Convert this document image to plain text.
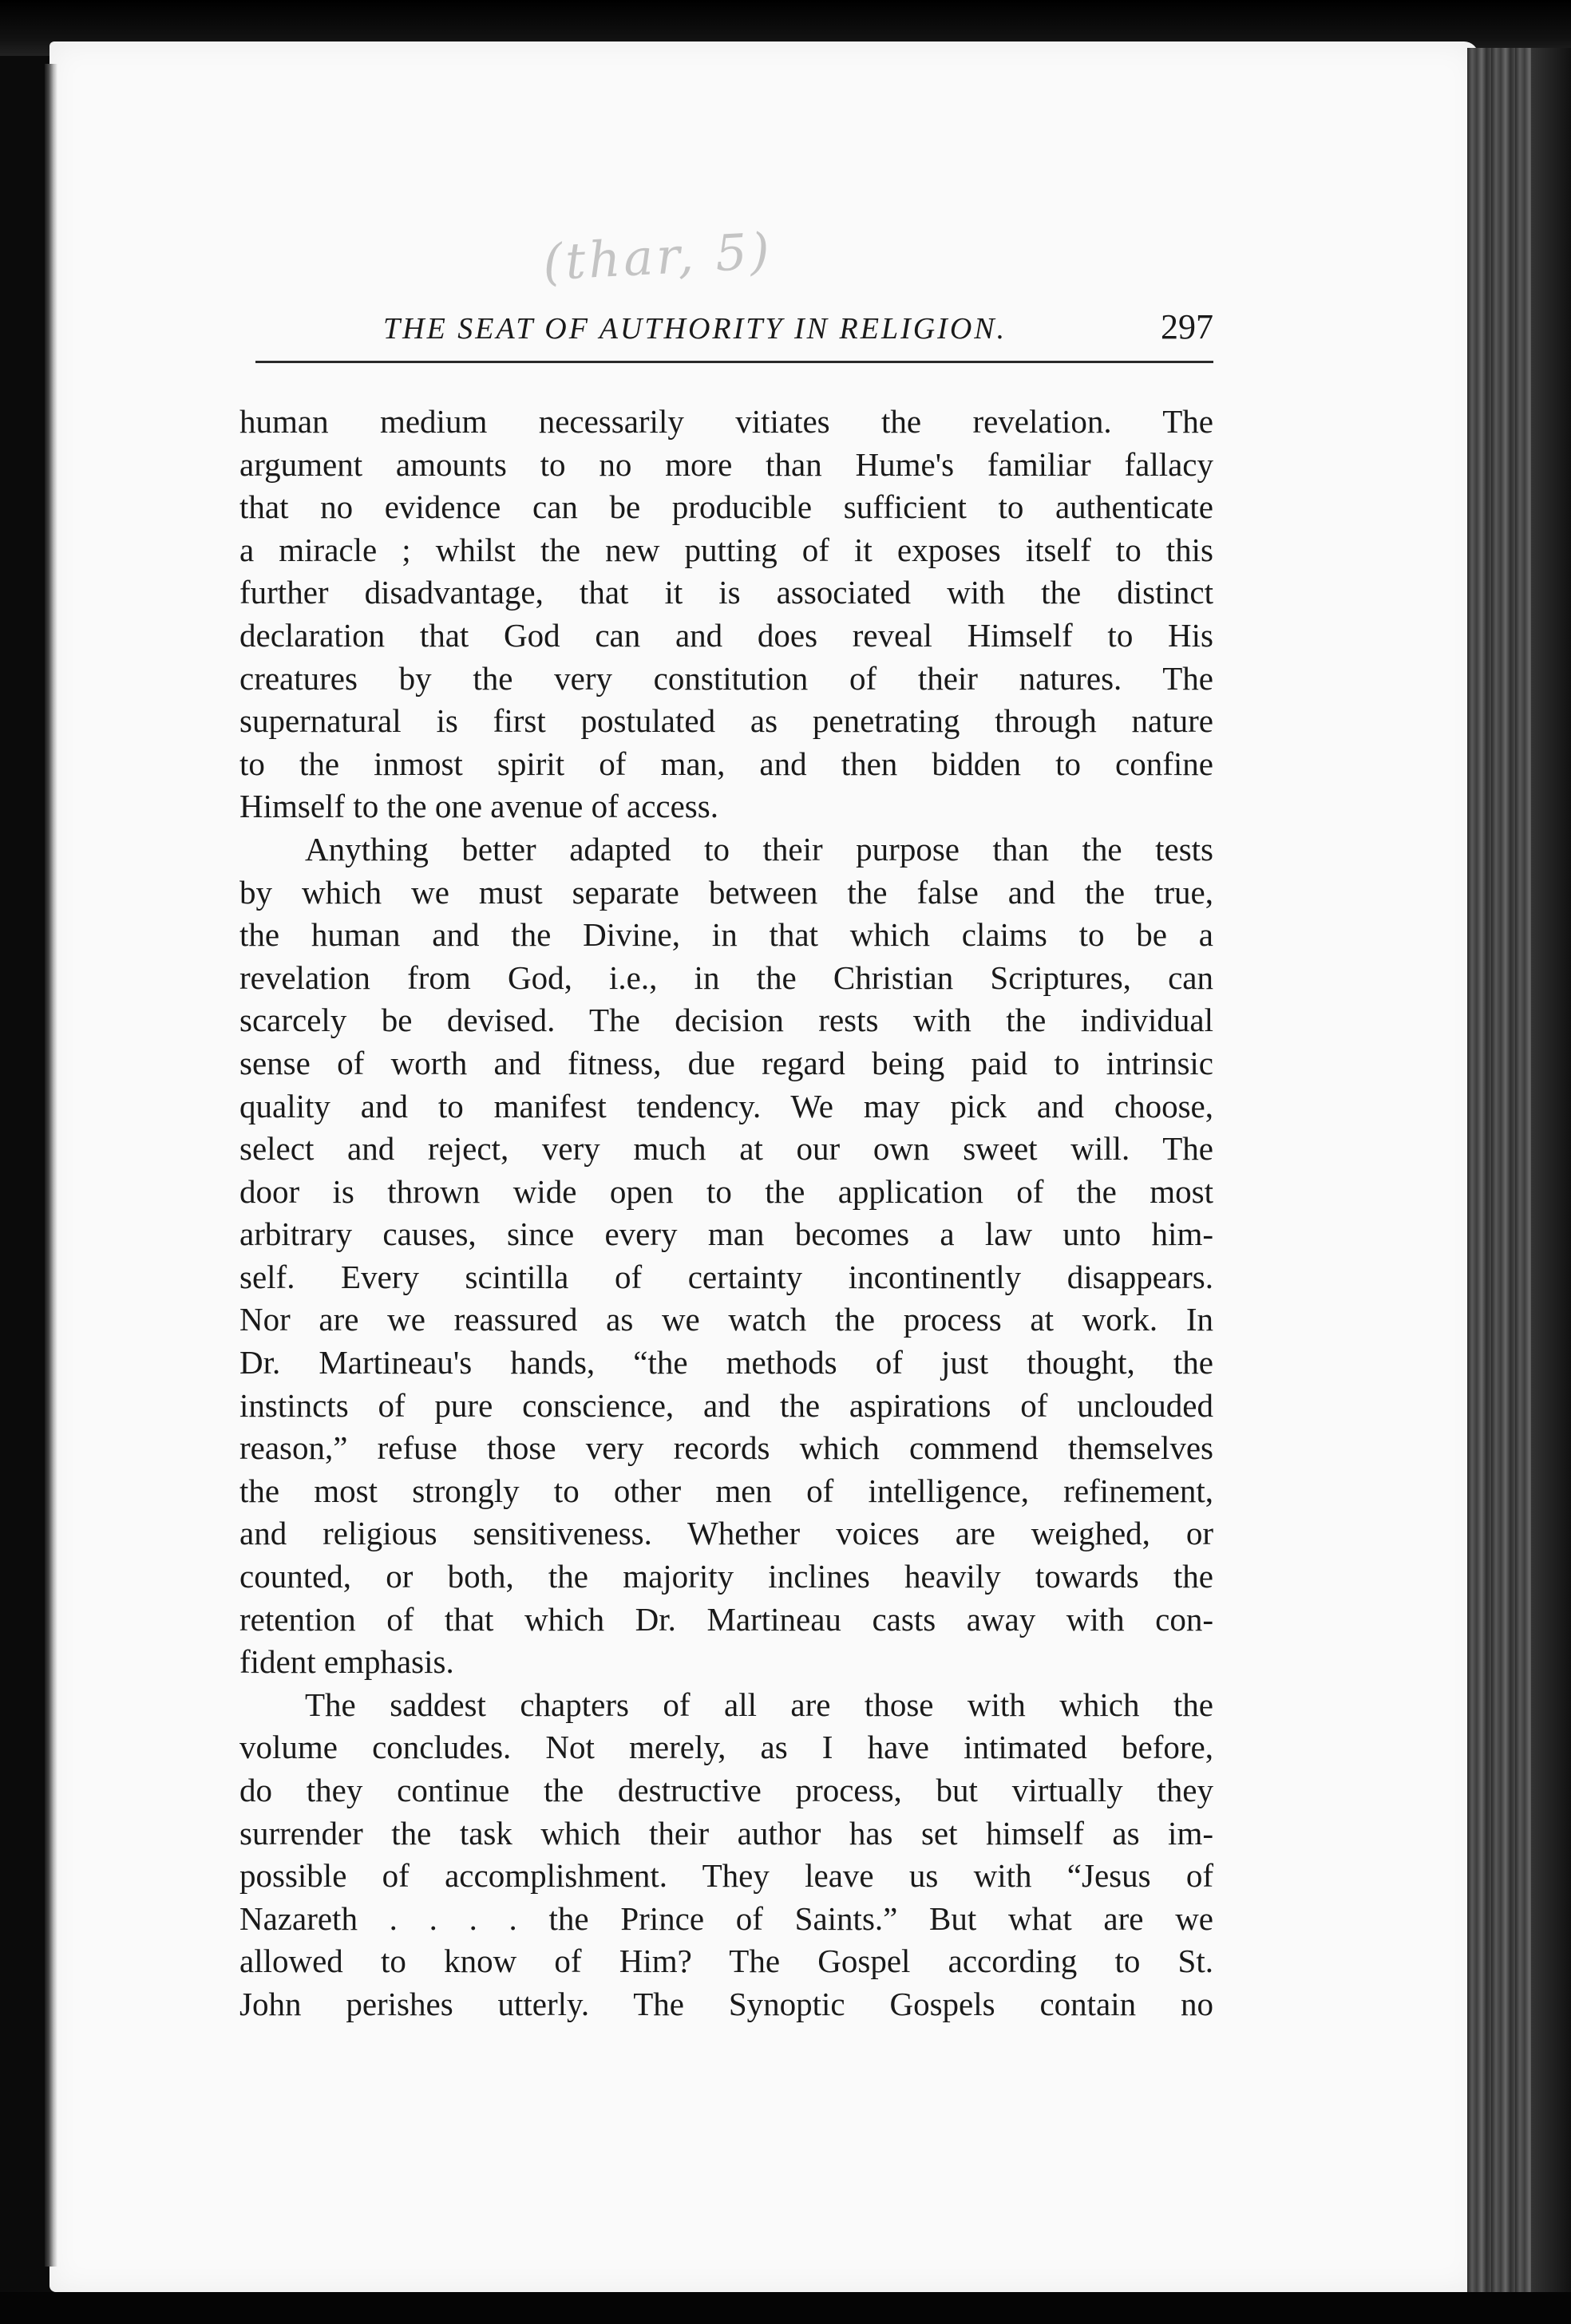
(thar, 5)
THE SEAT OF AUTHORITY IN RELIGION.	297
human medium necessarily vitiates the revelation. The
argument amounts to no more than Hume's familiar fallacy
that no evidence can be producible sufficient to authenticate
a miracle ; whilst the new putting of it exposes itself to this
further disadvantage, that it is associated with the distinct
declaration that God can and does reveal Himself to His
creatures by the very constitution of their natures. The
supernatural is first postulated as penetrating through nature
to the inmost spirit of man, and then bidden to confine
Himself to the one avenue of access.
Anything better adapted to their purpose than the tests
by which we must separate between the false and the true,
the human and the Divine, in that which claims to be a
revelation from God, i.e., in the Christian Scriptures, can
scarcely be devised. The decision rests with the individual
sense of worth and fitness, due regard being paid to intrinsic
quality and to manifest tendency. We may pick and choose,
select and reject, very much at our own sweet will. The
door is thrown wide open to the application of the most
arbitrary causes, since every man becomes a law unto him-
self. Every scintilla of certainty incontinently disappears.
Nor are we reassured as we watch the process at work. In
Dr. Martineau's hands, “the methods of just thought, the
instincts of pure conscience, and the aspirations of unclouded
reason,” refuse those very records which commend themselves
the most strongly to other men of intelligence, refinement,
and religious sensitiveness. Whether voices are weighed, or
counted, or both, the majority inclines heavily towards the
retention of that which Dr. Martineau casts away with con-
fident emphasis.
The saddest chapters of all are those with which the
volume concludes. Not merely, as I have intimated before,
do they continue the destructive process, but virtually they
surrender the task which their author has set himself as im-
possible of accomplishment. They leave us with “Jesus of
Nazareth . . . . the Prince of Saints.” But what are we
allowed to know of Him? The Gospel according to St.
John perishes utterly. The Synoptic Gospels contain no
